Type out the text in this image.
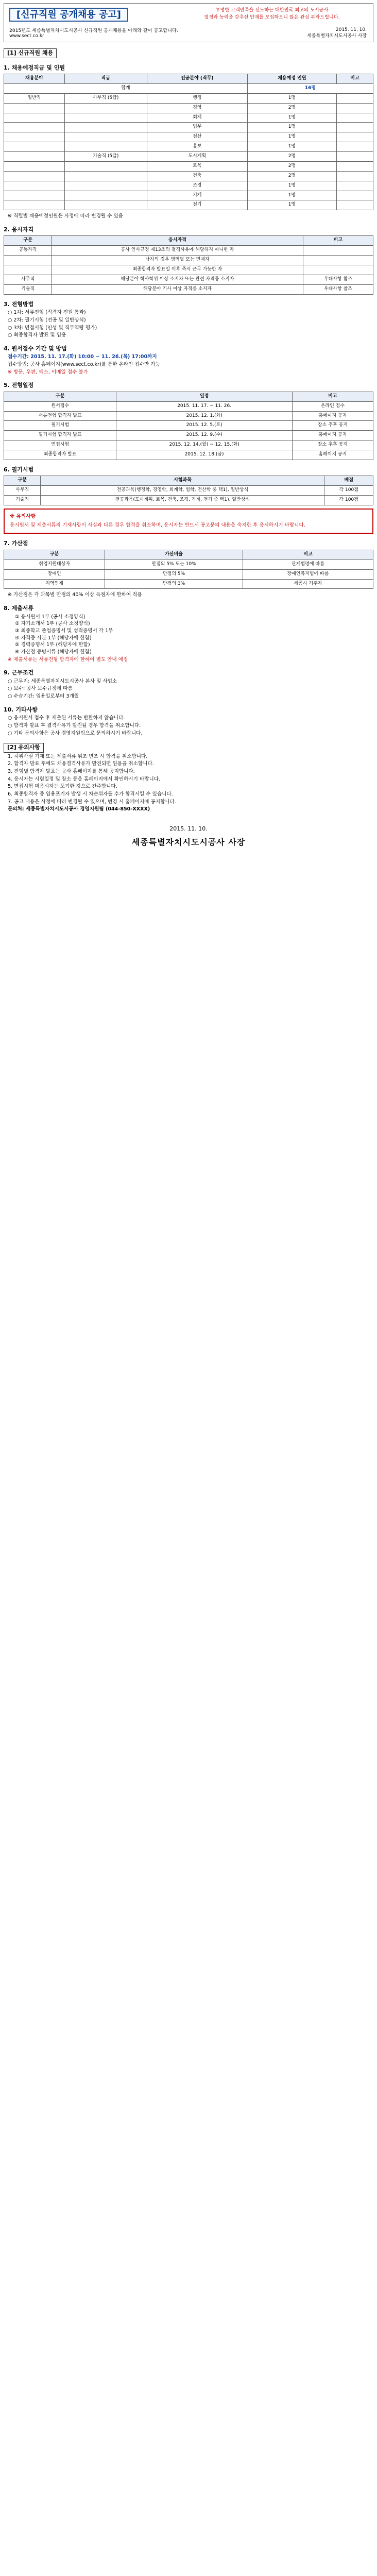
[신규직원 공개채용 공고]	투명한 고객만족을 선도하는 대한민국 최고의 도시공사
열정과 능력을 갖추신 인재를 모집하오니 많은 관심 부탁드립니다.
2015년도 세종특별자치시도시공사 신규직원 공개채용을 아래와 같이 공고합니다.
www.sect.co.kr
2015. 11. 10.
세종특별자치시도시공사 사장
[1] 신규직원 채용
1. 채용예정직급 및 인원
채용분야	직급	전공분야 (직무)	채용예정 인원	비고
합계			16명	
일반직	사무직 (5급)	행정	1명	
		경영	2명	
		회계	1명	
		법무	1명	
		전산	1명	
		홍보	1명	
	기술직 (5급)	도시계획	2명	
		토목	2명	
		건축	2명	
		조경	1명	
		기계	1명	
		전기	1명	
※ 직렬별 채용예정인원은 사정에 따라 변경될 수 있음
2. 응시자격
구분	응시자격	비고
공통자격	공사 인사규정 제13조의 결격사유에 해당하지 아니한 자	
	남자의 경우 병역필 또는 면제자	
	최종합격자 발표일 이후 즉시 근무 가능한 자	
사무직	해당분야 학사학위 이상 소지자 또는 관련 자격증 소지자	우대사항 참조
기술직	해당분야 기사 이상 자격증 소지자	우대사항 참조
3. 전형방법
○ 1차: 서류전형 (적격자 전원 통과)
○ 2차: 필기시험 (전공 및 일반상식)
○ 3차: 면접시험 (인성 및 직무역량 평가)
○ 최종합격자 발표 및 임용
4. 원서접수 기간 및 방법
접수기간: 2015. 11. 17.(화) 10:00 ~ 11. 26.(목) 17:00까지
접수방법: 공사 홈페이지(www.sect.co.kr)를 통한 온라인 접수만 가능
※ 방문, 우편, 팩스, 이메일 접수 불가
5. 전형일정
구분	일정	비고
원서접수	2015. 11. 17. ~ 11. 26.	온라인 접수
서류전형 합격자 발표	2015. 12. 1.(화)	홈페이지 공지
필기시험	2015. 12. 5.(토)	장소 추후 공지
필기시험 합격자 발표	2015. 12. 9.(수)	홈페이지 공지
면접시험	2015. 12. 14.(월) ~ 12. 15.(화)	장소 추후 공지
최종합격자 발표	2015. 12. 18.(금)	홈페이지 공지
6. 필기시험
구분	시험과목	배점
사무직	전공과목(행정학, 경영학, 회계학, 법학, 전산학 중 택1), 일반상식	각 100점
기술직	전공과목(도시계획, 토목, 건축, 조경, 기계, 전기 중 택1), 일반상식	각 100점
※ 유의사항
응시원서 및 제출서류의 기재사항이 사실과 다른 경우 합격을 취소하며, 응시자는 반드시 공고문의 내용을 숙지한 후 응시하시기 바랍니다.
7. 가산점
구분	가산비율	비고
취업지원대상자	만점의 5% 또는 10%	관계법령에 따름
장애인	만점의 5%	장애인복지법에 따름
지역인재	만점의 3%	세종시 거주자
※ 가산점은 각 과목별 만점의 40% 이상 득점자에 한하여 적용
8. 제출서류
① 응시원서 1부 (공사 소정양식)
② 자기소개서 1부 (공사 소정양식)
③ 최종학교 졸업증명서 및 성적증명서 각 1부
④ 자격증 사본 1부 (해당자에 한함)
⑤ 경력증명서 1부 (해당자에 한함)
⑥ 가산점 증빙서류 (해당자에 한함)
※ 제출서류는 서류전형 합격자에 한하여 별도 안내 예정
9. 근무조건
○ 근무지: 세종특별자치시도시공사 본사 및 사업소
○ 보수: 공사 보수규정에 따름
○ 수습기간: 임용일로부터 3개월
10. 기타사항
○ 응시원서 접수 후 제출된 서류는 반환하지 않습니다.
○ 합격자 발표 후 결격사유가 발견될 경우 합격을 취소합니다.
○ 기타 문의사항은 공사 경영지원팀으로 문의하시기 바랍니다.
[2] 유의사항
1. 허위사실 기재 또는 제출서류 위조·변조 시 합격을 취소합니다.
2. 합격자 발표 후에도 채용결격사유가 발견되면 임용을 취소합니다.
3. 전형별 합격자 발표는 공사 홈페이지를 통해 공지합니다.
4. 응시자는 시험일정 및 장소 등을 홈페이지에서 확인하시기 바랍니다.
5. 면접시험 미응시자는 포기한 것으로 간주합니다.
6. 최종합격자 중 임용포기자 발생 시 차순위자를 추가 합격시킬 수 있습니다.
7. 공고 내용은 사정에 따라 변경될 수 있으며, 변경 시 홈페이지에 공지합니다.
문의처: 세종특별자치시도시공사 경영지원팀 (044-850-XXXX)
2015. 11. 10.
세종특별자치시도시공사 사장
